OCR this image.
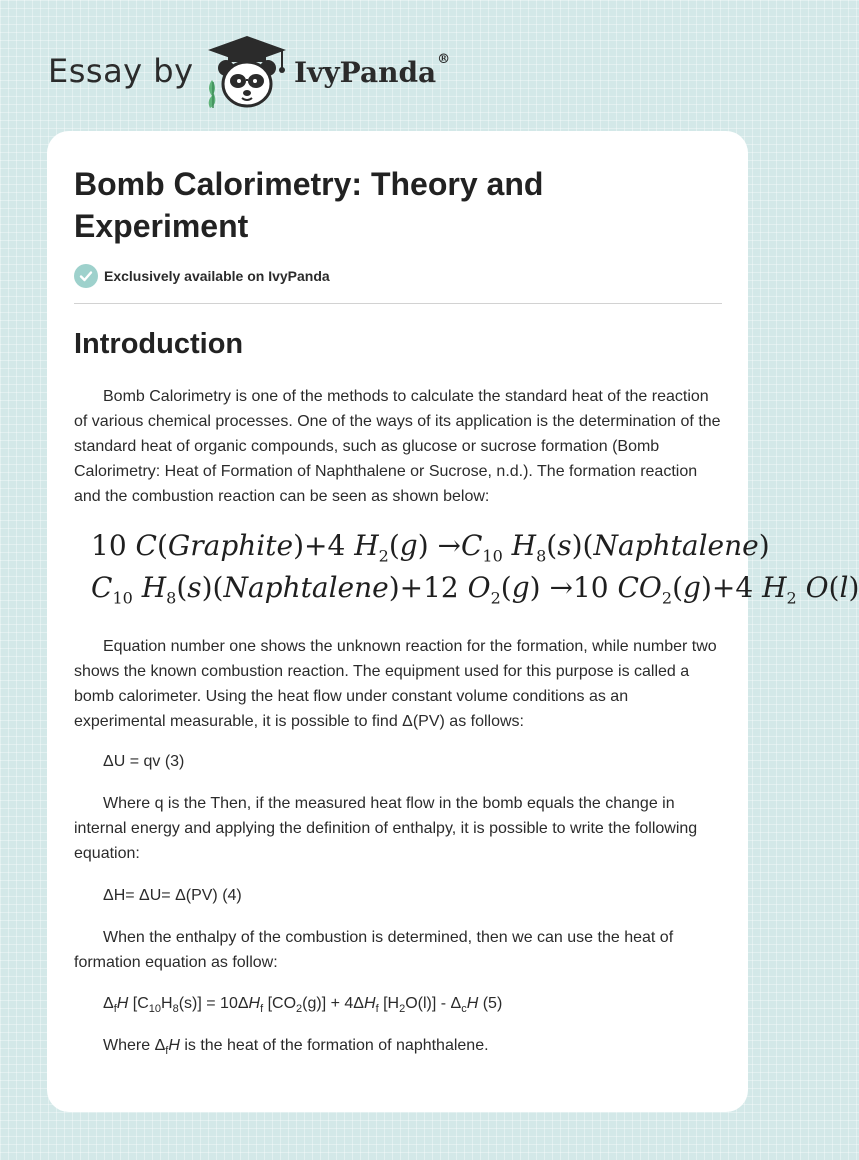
Essay by	IvyPanda®
Bomb Calorimetry: Theory and Experiment
Exclusively available on IvyPanda
Introduction

Bomb Calorimetry is one of the methods to calculate the standard heat of the reaction of various chemical processes. One of the ways of its application is the determination of the standard heat of organic compounds, such as glucose or sucrose formation (Bomb Calorimetry: Heat of Formation of Naphthalene or Sucrose, n.d.). The formation reaction and the combustion reaction can be seen as shown below:

10 C(Graphite)+4 $H_2(g) \to C_{10}$ $H_8(s)(Naphtalene)$
$C_{10}$ $H_8(s)(Naphtalene)+12$ $O_2(g) \to 10$ $CO_2(g)+4$ $H_2$ O(l)

Equation number one shows the unknown reaction for the formation, while number two shows the known combustion reaction. The equipment used for this purpose is called a bomb calorimeter. Using the heat flow under constant volume conditions as an experimental measurable, it is possible to find Δ(PV) as follows:

ΔU = qv (3)

Where q is the Then, if the measured heat flow in the bomb equals the change in internal energy and applying the definition of enthalpy, it is possible to write the following equation:

ΔH= ΔU= Δ(PV) (4)

When the enthalpy of the combustion is determined, then we can use the heat of formation equation as follow:

$\Delta_fH$ $[C_{10}H_8(s)] = 10\Delta H_f$ $[CO_2(g)] + 4\Delta H_f$ $[H_2O(l)] - \Delta_cH$ (5)

Where $\Delta_fH$ is the heat of the formation of naphthalene.
